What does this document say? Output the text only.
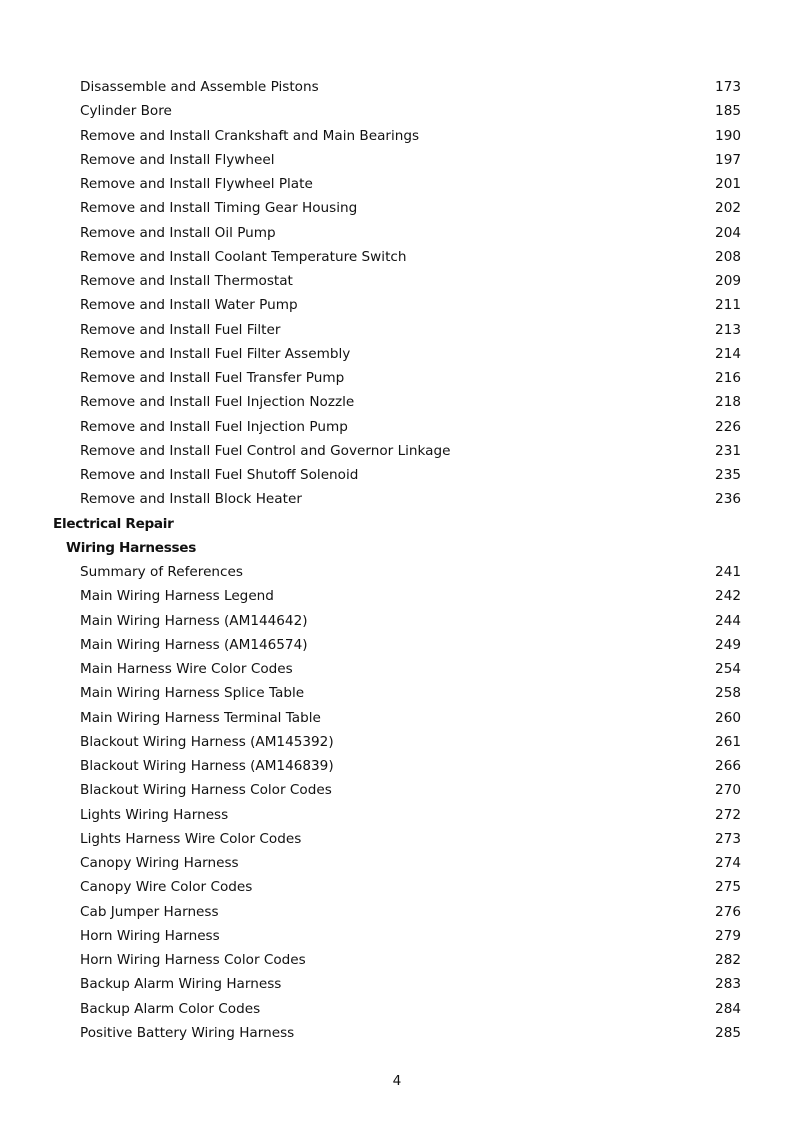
Disassemble and Assemble Pistons	173
Cylinder Bore	185
Remove and Install Crankshaft and Main Bearings	190
Remove and Install Flywheel	197
Remove and Install Flywheel Plate	201
Remove and Install Timing Gear Housing	202
Remove and Install Oil Pump	204
Remove and Install Coolant Temperature Switch	208
Remove and Install Thermostat	209
Remove and Install Water Pump	211
Remove and Install Fuel Filter	213
Remove and Install Fuel Filter Assembly	214
Remove and Install Fuel Transfer Pump	216
Remove and Install Fuel Injection Nozzle	218
Remove and Install Fuel Injection Pump	226
Remove and Install Fuel Control and Governor Linkage	231
Remove and Install Fuel Shutoff Solenoid	235
Remove and Install Block Heater	236
Electrical Repair
Wiring Harnesses
Summary of References	241
Main Wiring Harness Legend	242
Main Wiring Harness (AM144642)	244
Main Wiring Harness (AM146574)	249
Main Harness Wire Color Codes	254
Main Wiring Harness Splice Table	258
Main Wiring Harness Terminal Table	260
Blackout Wiring Harness (AM145392)	261
Blackout Wiring Harness (AM146839)	266
Blackout Wiring Harness Color Codes	270
Lights Wiring Harness	272
Lights Harness Wire Color Codes	273
Canopy Wiring Harness	274
Canopy Wire Color Codes	275
Cab Jumper Harness	276
Horn Wiring Harness	279
Horn Wiring Harness Color Codes	282
Backup Alarm Wiring Harness	283
Backup Alarm Color Codes	284
Positive Battery Wiring Harness	285
4
